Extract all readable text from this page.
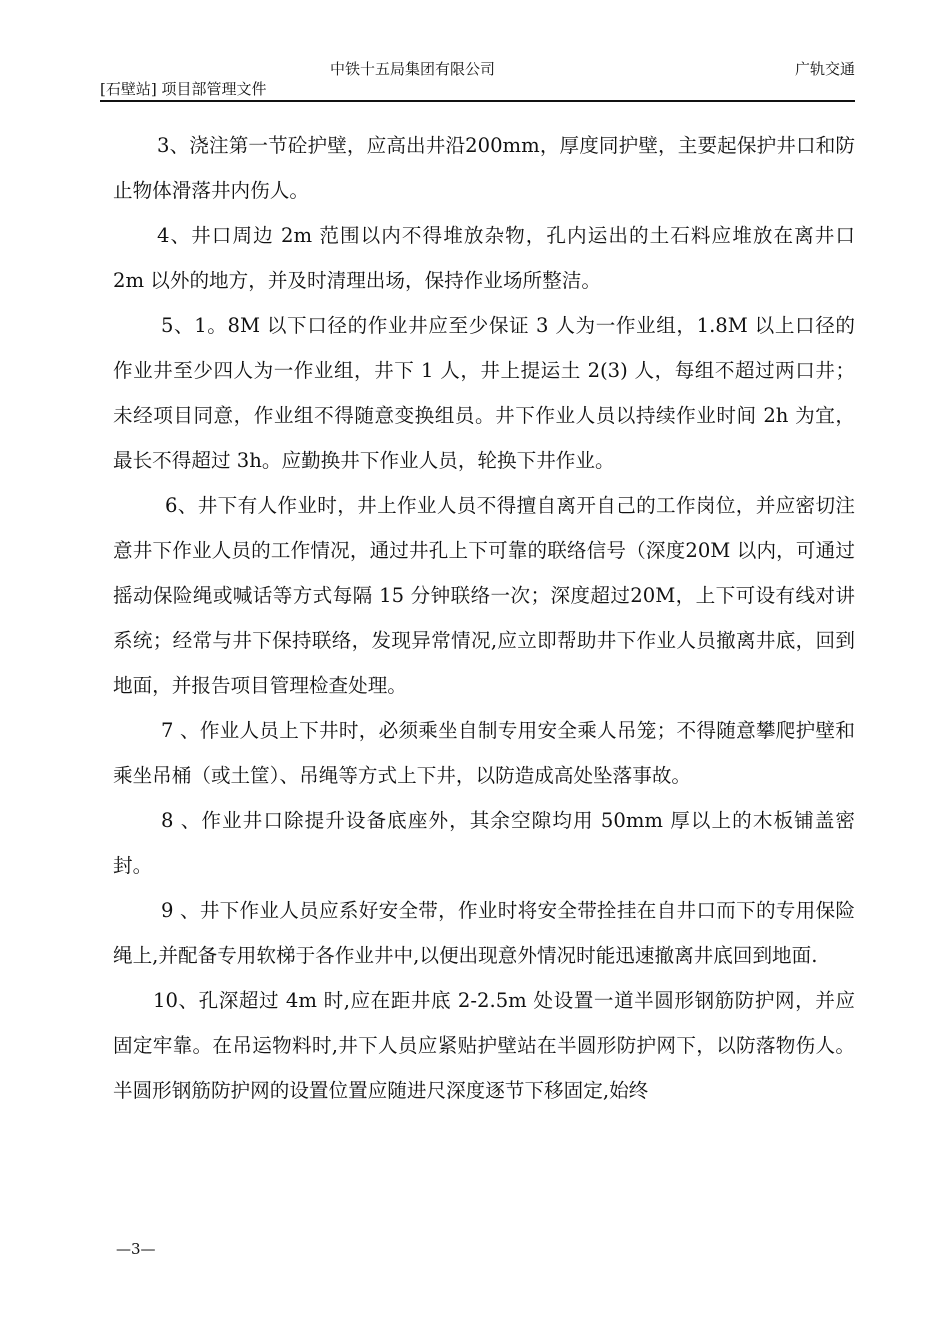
中铁十五局集团有限公司	广轨交通
[石壁站] 项目部管理文件

3、浇注第一节砼护壁，应高出井沿200mm，厚度同护壁，主要起保护井口和防止物体滑落井内伤人。

4、井口周边 2m 范围以内不得堆放杂物，孔内运出的土石料应堆放在离井口 2m 以外的地方，并及时清理出场，保持作业场所整洁。

5、1。8M 以下口径的作业井应至少保证 3 人为一作业组，1.8M 以上口径的作业井至少四人为一作业组，井下 1 人，井上提运土 2(3) 人，每组不超过两口井；未经项目同意，作业组不得随意变换组员。井下作业人员以持续作业时间 2h 为宜，最长不得超过 3h。应勤换井下作业人员，轮换下井作业。

6、井下有人作业时，井上作业人员不得擅自离开自己的工作岗位，并应密切注意井下作业人员的工作情况，通过井孔上下可靠的联络信号（深度20M 以内，可通过摇动保险绳或喊话等方式每隔 15 分钟联络一次；深度超过20M，上下可设有线对讲系统；经常与井下保持联络，发现异常情况,应立即帮助井下作业人员撤离井底，回到地面，并报告项目管理检查处理。

7 、作业人员上下井时，必须乘坐自制专用安全乘人吊笼；不得随意攀爬护壁和乘坐吊桶（或土筐）、吊绳等方式上下井，以防造成高处坠落事故。

8 、作业井口除提升设备底座外，其余空隙均用 50mm 厚以上的木板铺盖密封。

9 、井下作业人员应系好安全带，作业时将安全带拴挂在自井口而下的专用保险绳上,并配备专用软梯于各作业井中,以便出现意外情况时能迅速撤离井底回到地面.

10、孔深超过 4m 时,应在距井底 2-2.5m 处设置一道半圆形钢筋防护网，并应固定牢靠。在吊运物料时,井下人员应紧贴护壁站在半圆形防护网下，以防落物伤人。半圆形钢筋防护网的设置位置应随进尺深度逐节下移固定,始终

—3—
